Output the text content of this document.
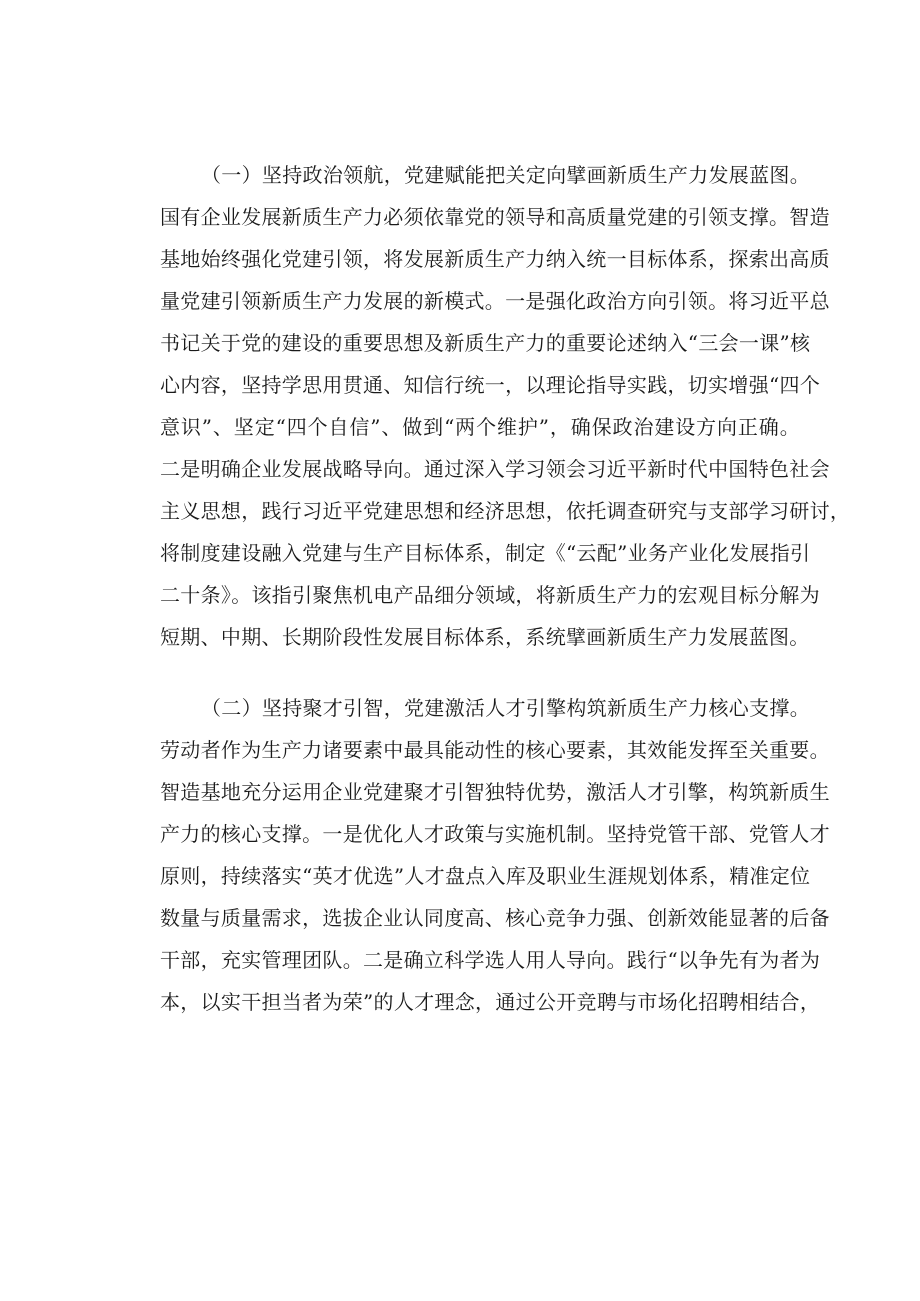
（一）坚持政治领航，党建赋能把关定向擘画新质生产力发展蓝图。
国有企业发展新质生产力必须依靠党的领导和高质量党建的引领支撑。智造
基地始终强化党建引领，将发展新质生产力纳入统一目标体系，探索出高质
量党建引领新质生产力发展的新模式。一是强化政治方向引领。将习近平总
书记关于党的建设的重要思想及新质生产力的重要论述纳入“三会一课”核
心内容，坚持学思用贯通、知信行统一，以理论指导实践，切实增强“四个
意识”、坚定“四个自信”、做到“两个维护”，确保政治建设方向正确。
二是明确企业发展战略导向。通过深入学习领会习近平新时代中国特色社会
主义思想，践行习近平党建思想和经济思想，依托调查研究与支部学习研讨，
将制度建设融入党建与生产目标体系，制定《“云配”业务产业化发展指引
二十条》。该指引聚焦机电产品细分领域，将新质生产力的宏观目标分解为
短期、中期、长期阶段性发展目标体系，系统擘画新质生产力发展蓝图。
（二）坚持聚才引智，党建激活人才引擎构筑新质生产力核心支撑。
劳动者作为生产力诸要素中最具能动性的核心要素，其效能发挥至关重要。
智造基地充分运用企业党建聚才引智独特优势，激活人才引擎，构筑新质生
产力的核心支撑。一是优化人才政策与实施机制。坚持党管干部、党管人才
原则，持续落实“英才优选”人才盘点入库及职业生涯规划体系，精准定位
数量与质量需求，选拔企业认同度高、核心竞争力强、创新效能显著的后备
干部，充实管理团队。二是确立科学选人用人导向。践行“以争先有为者为
本，以实干担当者为荣”的人才理念，通过公开竞聘与市场化招聘相结合，
